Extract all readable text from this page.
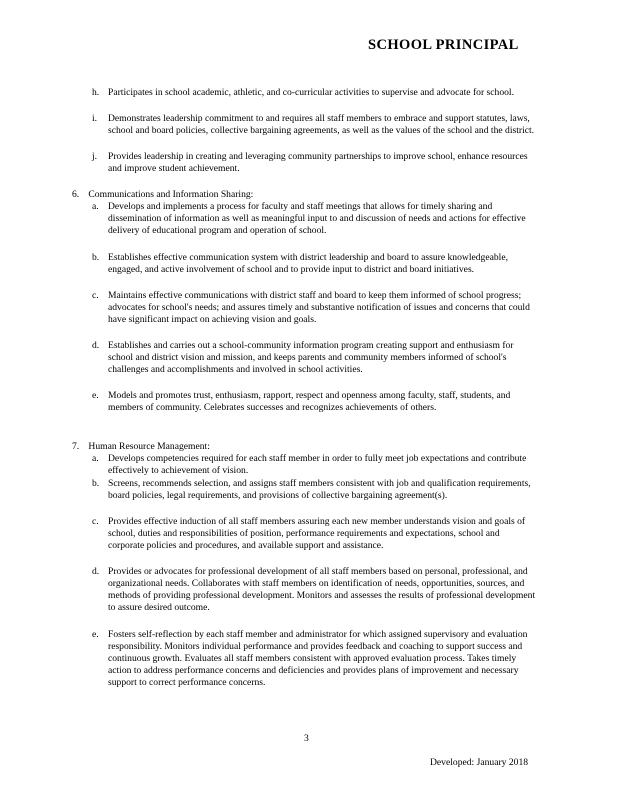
SCHOOL PRINCIPAL
h. Participates in school academic, athletic, and co-curricular activities to supervise and advocate for school.
i. Demonstrates leadership commitment to and requires all staff members to embrace and support statutes, laws, school and board policies, collective bargaining agreements, as well as the values of the school and the district.
j. Provides leadership in creating and leveraging community partnerships to improve school, enhance resources and improve student achievement.
6. Communications and Information Sharing:
a. Develops and implements a process for faculty and staff meetings that allows for timely sharing and dissemination of information as well as meaningful input to and discussion of needs and actions for effective delivery of educational program and operation of school.
b. Establishes effective communication system with district leadership and board to assure knowledgeable, engaged, and active involvement of school and to provide input to district and board initiatives.
c. Maintains effective communications with district staff and board to keep them informed of school progress; advocates for school's needs; and assures timely and substantive notification of issues and concerns that could have significant impact on achieving vision and goals.
d. Establishes and carries out a school-community information program creating support and enthusiasm for school and district vision and mission, and keeps parents and community members informed of school's challenges and accomplishments and involved in school activities.
e. Models and promotes trust, enthusiasm, rapport, respect and openness among faculty, staff, students, and members of community. Celebrates successes and recognizes achievements of others.
7. Human Resource Management:
a. Develops competencies required for each staff member in order to fully meet job expectations and contribute effectively to achievement of vision.
b. Screens, recommends selection, and assigns staff members consistent with job and qualification requirements, board policies, legal requirements, and provisions of collective bargaining agreement(s).
c. Provides effective induction of all staff members assuring each new member understands vision and goals of school, duties and responsibilities of position, performance requirements and expectations, school and corporate policies and procedures, and available support and assistance.
d. Provides or advocates for professional development of all staff members based on personal, professional, and organizational needs. Collaborates with staff members on identification of needs, opportunities, sources, and methods of providing professional development. Monitors and assesses the results of professional development to assure desired outcome.
e. Fosters self-reflection by each staff member and administrator for which assigned supervisory and evaluation responsibility. Monitors individual performance and provides feedback and coaching to support success and continuous growth. Evaluates all staff members consistent with approved evaluation process. Takes timely action to address performance concerns and deficiencies and provides plans of improvement and necessary support to correct performance concerns.
3
Developed: January 2018
